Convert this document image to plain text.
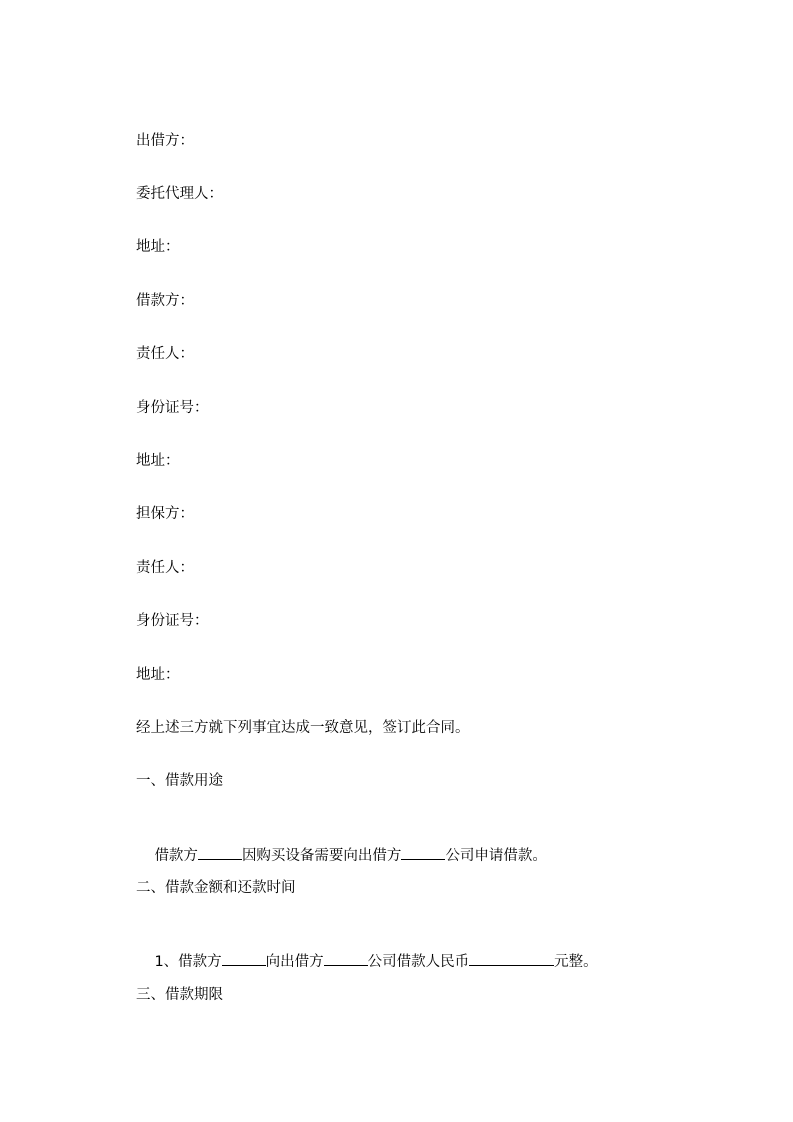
出借方：
委托代理人：
地址：
借款方：
责任人：
身份证号：
地址：
担保方：
责任人：
身份证号：
地址：
经上述三方就下列事宜达成一致意见，签订此合同。
一、借款用途

借款方	因购买设备需要向出借方	公司申请借款。

二、借款金额和还款时间

1、借款方	向出借方	公司借款人民币	元整。

三、借款期限
